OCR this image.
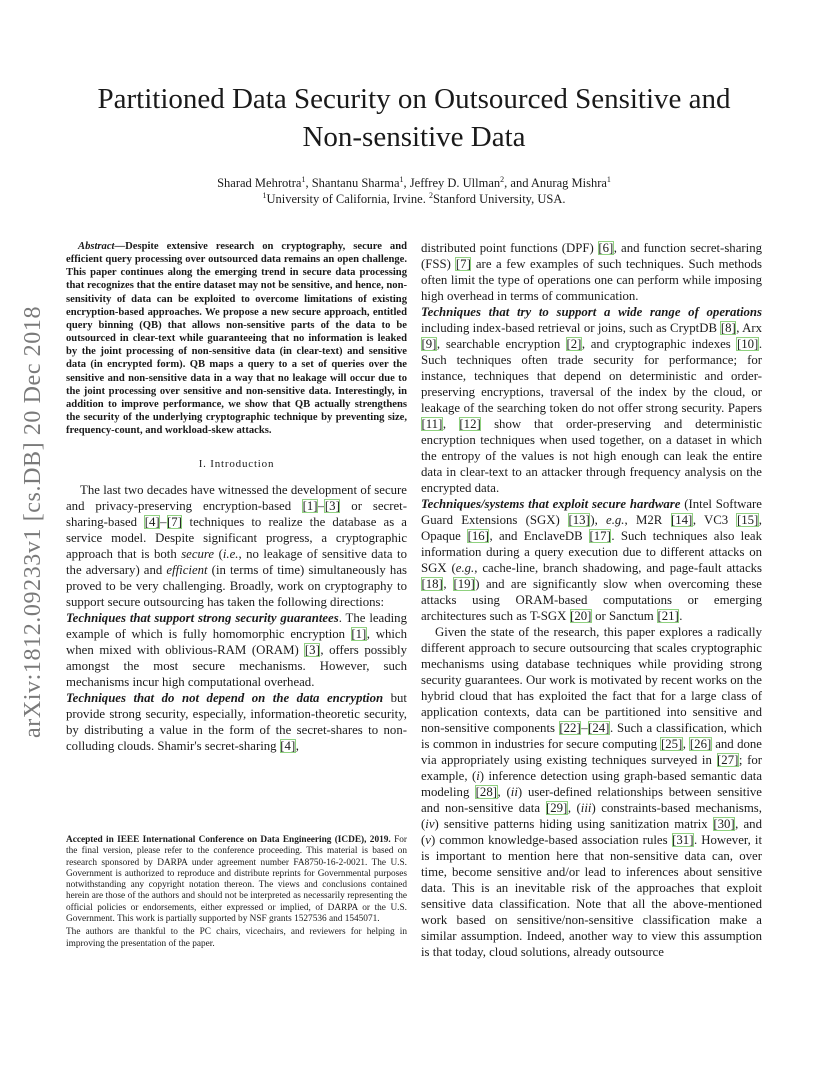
arXiv:1812.09233v1 [cs.DB] 20 Dec 2018
Partitioned Data Security on Outsourced Sensitive and Non-sensitive Data
Sharad Mehrotra$^1$, Shantanu Sharma$^1$, Jeffrey D. Ullman$^2$, and Anurag Mishra$^1$
$^1$University of California, Irvine. $^2$Stanford University, USA.

Abstract—Despite extensive research on cryptography, secure and efficient query processing over outsourced data remains an open challenge. This paper continues along the emerging trend in secure data processing that recognizes that the entire dataset may not be sensitive, and hence, non-sensitivity of data can be exploited to overcome limitations of existing encryption-based approaches. We propose a new secure approach, entitled query binning (QB) that allows non-sensitive parts of the data to be outsourced in clear-text while guaranteeing that no information is leaked by the joint processing of non-sensitive data (in clear-text) and sensitive data (in encrypted form). QB maps a query to a set of queries over the sensitive and non-sensitive data in a way that no leakage will occur due to the joint processing over sensitive and non-sensitive data. Interestingly, in addition to improve performance, we show that QB actually strengthens the security of the underlying cryptographic technique by preventing size, frequency-count, and workload-skew attacks.

I. Introduction

The last two decades have witnessed the development of secure and privacy-preserving encryption-based [1]–[3] or secret-sharing-based [4]–[7] techniques to realize the database as a service model. Despite significant progress, a cryptographic approach that is both secure (i.e., no leakage of sensitive data to the adversary) and efficient (in terms of time) simultaneously has proved to be very challenging. Broadly, work on cryptography to support secure outsourcing has taken the following directions:

Techniques that support strong security guarantees. The leading example of which is fully homomorphic encryption [1], which when mixed with oblivious-RAM (ORAM) [3], offers possibly amongst the most secure mechanisms. However, such mechanisms incur high computational overhead.

Techniques that do not depend on the data encryption but provide strong security, especially, information-theoretic security, by distributing a value in the form of the secret-shares to non-colluding clouds. Shamir's secret-sharing [4],

Accepted in IEEE International Conference on Data Engineering (ICDE), 2019. For the final version, please refer to the conference proceeding. This material is based on research sponsored by DARPA under agreement number FA8750-16-2-0021. The U.S. Government is authorized to reproduce and distribute reprints for Governmental purposes notwithstanding any copyright notation thereon. The views and conclusions contained herein are those of the authors and should not be interpreted as necessarily representing the official policies or endorsements, either expressed or implied, of DARPA or the U.S. Government. This work is partially supported by NSF grants 1527536 and 1545071.

The authors are thankful to the PC chairs, vicechairs, and reviewers for helping in improving the presentation of the paper.

distributed point functions (DPF) [6], and function secret-sharing (FSS) [7] are a few examples of such techniques. Such methods often limit the type of operations one can perform while imposing high overhead in terms of communication.

Techniques that try to support a wide range of operations including index-based retrieval or joins, such as CryptDB [8], Arx [9], searchable encryption [2], and cryptographic indexes [10]. Such techniques often trade security for performance; for instance, techniques that depend on deterministic and order-preserving encryptions, traversal of the index by the cloud, or leakage of the searching token do not offer strong security. Papers [11], [12] show that order-preserving and deterministic encryption techniques when used together, on a dataset in which the entropy of the values is not high enough can leak the entire data in clear-text to an attacker through frequency analysis on the encrypted data.

Techniques/systems that exploit secure hardware (Intel Software Guard Extensions (SGX) [13]), e.g., M2R [14], VC3 [15], Opaque [16], and EnclaveDB [17]. Such techniques also leak information during a query execution due to different attacks on SGX (e.g., cache-line, branch shadowing, and page-fault attacks [18], [19]) and are significantly slow when overcoming these attacks using ORAM-based computations or emerging architectures such as T-SGX [20] or Sanctum [21].

Given the state of the research, this paper explores a radically different approach to secure outsourcing that scales cryptographic mechanisms using database techniques while providing strong security guarantees. Our work is motivated by recent works on the hybrid cloud that has exploited the fact that for a large class of application contexts, data can be partitioned into sensitive and non-sensitive components [22]–[24]. Such a classification, which is common in industries for secure computing [25], [26] and done via appropriately using existing techniques surveyed in [27]; for example, (i) inference detection using graph-based semantic data modeling [28], (ii) user-defined relationships between sensitive and non-sensitive data [29], (iii) constraints-based mechanisms, (iv) sensitive patterns hiding using sanitization matrix [30], and (v) common knowledge-based association rules [31]. However, it is important to mention here that non-sensitive data can, over time, become sensitive and/or lead to inferences about sensitive data. This is an inevitable risk of the approaches that exploit sensitive data classification. Note that all the above-mentioned work based on sensitive/non-sensitive classification make a similar assumption. Indeed, another way to view this assumption is that today, cloud solutions, already outsource
